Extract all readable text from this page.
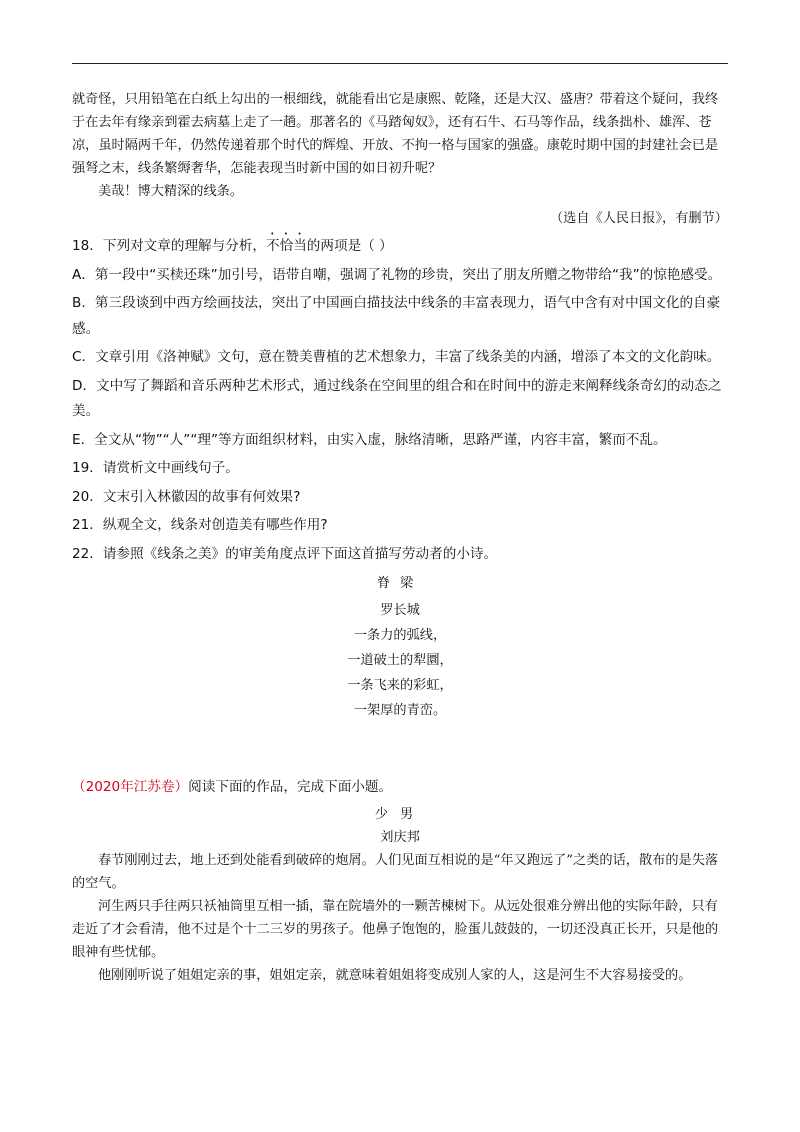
就奇怪，只用铅笔在白纸上勾出的一根细线，就能看出它是康熙、乾隆，还是大汉、盛唐？带着这个疑问，我终于在去年有缘亲到霍去病墓上走了一趟。那著名的《马踏匈奴》，还有石牛、石马等作品，线条拙朴、雄浑、苍凉，虽时隔两千年，仍然传递着那个时代的辉煌、开放、不拘一格与国家的强盛。康乾时期中国的封建社会已是强弩之末，线条繁缛奢华，怎能表现当时新中国的如日初升呢？

美哉！博大精深的线条。

（选自《人民日报》，有删节）

18．下列对文章的理解与分析，不恰当的两项是（ ）

A．第一段中“买椟还珠”加引号，语带自嘲，强调了礼物的珍贵，突出了朋友所赠之物带给“我”的惊艳感受。

B．第三段谈到中西方绘画技法，突出了中国画白描技法中线条的丰富表现力，语气中含有对中国文化的自豪感。

C．文章引用《洛神赋》文句，意在赞美曹植的艺术想象力，丰富了线条美的内涵，增添了本文的文化韵味。

D．文中写了舞蹈和音乐两种艺术形式，通过线条在空间里的组合和在时间中的游走来阐释线条奇幻的动态之美。

E．全文从“物”“人”“理”等方面组织材料，由实入虚，脉络清晰，思路严谨，内容丰富，繁而不乱。

19．请赏析文中画线句子。

20．文末引入林徽因的故事有何效果?

21．纵观全文，线条对创造美有哪些作用?

22．请参照《线条之美》的审美角度点评下面这首描写劳动者的小诗。

脊梁
罗长城
一条力的弧线，
一道破土的犁圜，
一条飞来的彩虹，
一架厚的青峦。

（2020年江苏卷）阅读下面的作品，完成下面小题。

少男
刘庆邦

春节刚刚过去，地上还到处能看到破碎的炮屑。人们见面互相说的是“年又跑远了”之类的话，散布的是失落的空气。

河生两只手往两只袄袖筒里互相一插，靠在院墙外的一颗苦楝树下。从远处很难分辨出他的实际年龄，只有走近了才会看清，他不过是个十二三岁的男孩子。他鼻子饱饱的，脸蛋儿鼓鼓的，一切还没真正长开，只是他的眼神有些忧郁。

他刚刚听说了姐姐定亲的事，姐姐定亲，就意味着姐姐将变成别人家的人，这是河生不大容易接受的。
